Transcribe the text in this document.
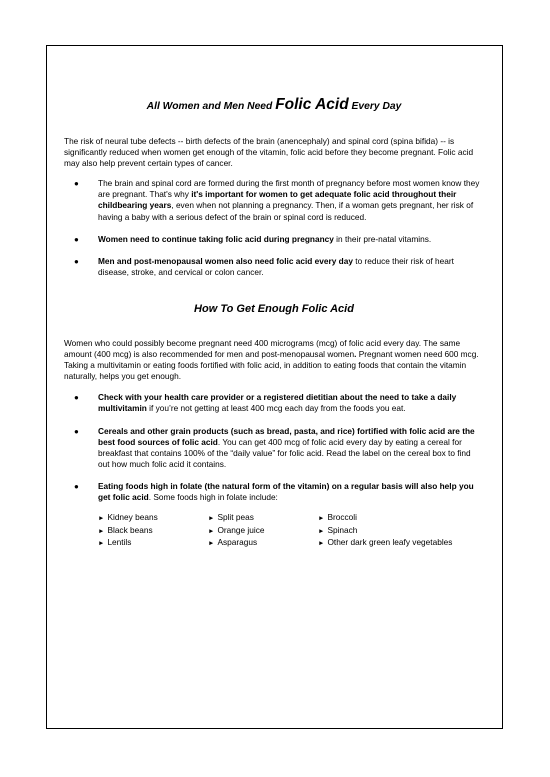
All Women and Men Need Folic Acid Every Day

The risk of neural tube defects -- birth defects of the brain (anencephaly) and spinal cord (spina bifida) -- is significantly reduced when women get enough of the vitamin, folic acid before they become pregnant. Folic acid may also help prevent certain types of cancer.

● The brain and spinal cord are formed during the first month of pregnancy before most women know they are pregnant. That's why it's important for women to get adequate folic acid throughout their childbearing years, even when not planning a pregnancy. Then, if a woman gets pregnant, her risk of having a baby with a serious defect of the brain or spinal cord is reduced.
● Women need to continue taking folic acid during pregnancy in their pre-natal vitamins.
● Men and post-menopausal women also need folic acid every day to reduce their risk of heart disease, stroke, and cervical or colon cancer.
How To Get Enough Folic Acid

Women who could possibly become pregnant need 400 micrograms (mcg) of folic acid every day. The same amount (400 mcg) is also recommended for men and post-menopausal women. Pregnant women need 600 mcg. Taking a multivitamin or eating foods fortified with folic acid, in addition to eating foods that contain the vitamin naturally, helps you get enough.

● Check with your health care provider or a registered dietitian about the need to take a daily multivitamin if you’re not getting at least 400 mcg each day from the foods you eat.
● Cereals and other grain products (such as bread, pasta, and rice) fortified with folic acid are the best food sources of folic acid. You can get 400 mcg of folic acid every day by eating a cereal for breakfast that contains 100% of the “daily value” for folic acid. Read the label on the cereal box to find out how much folic acid it contains.
● Eating foods high in folate (the natural form of the vitamin) on a regular basis will also help you get folic acid. Some foods high in folate include:
► Kidney beans
► Black beans
► Lentils
► Split peas
► Orange juice
► Asparagus
► Broccoli
► Spinach
► Other dark green leafy vegetables
